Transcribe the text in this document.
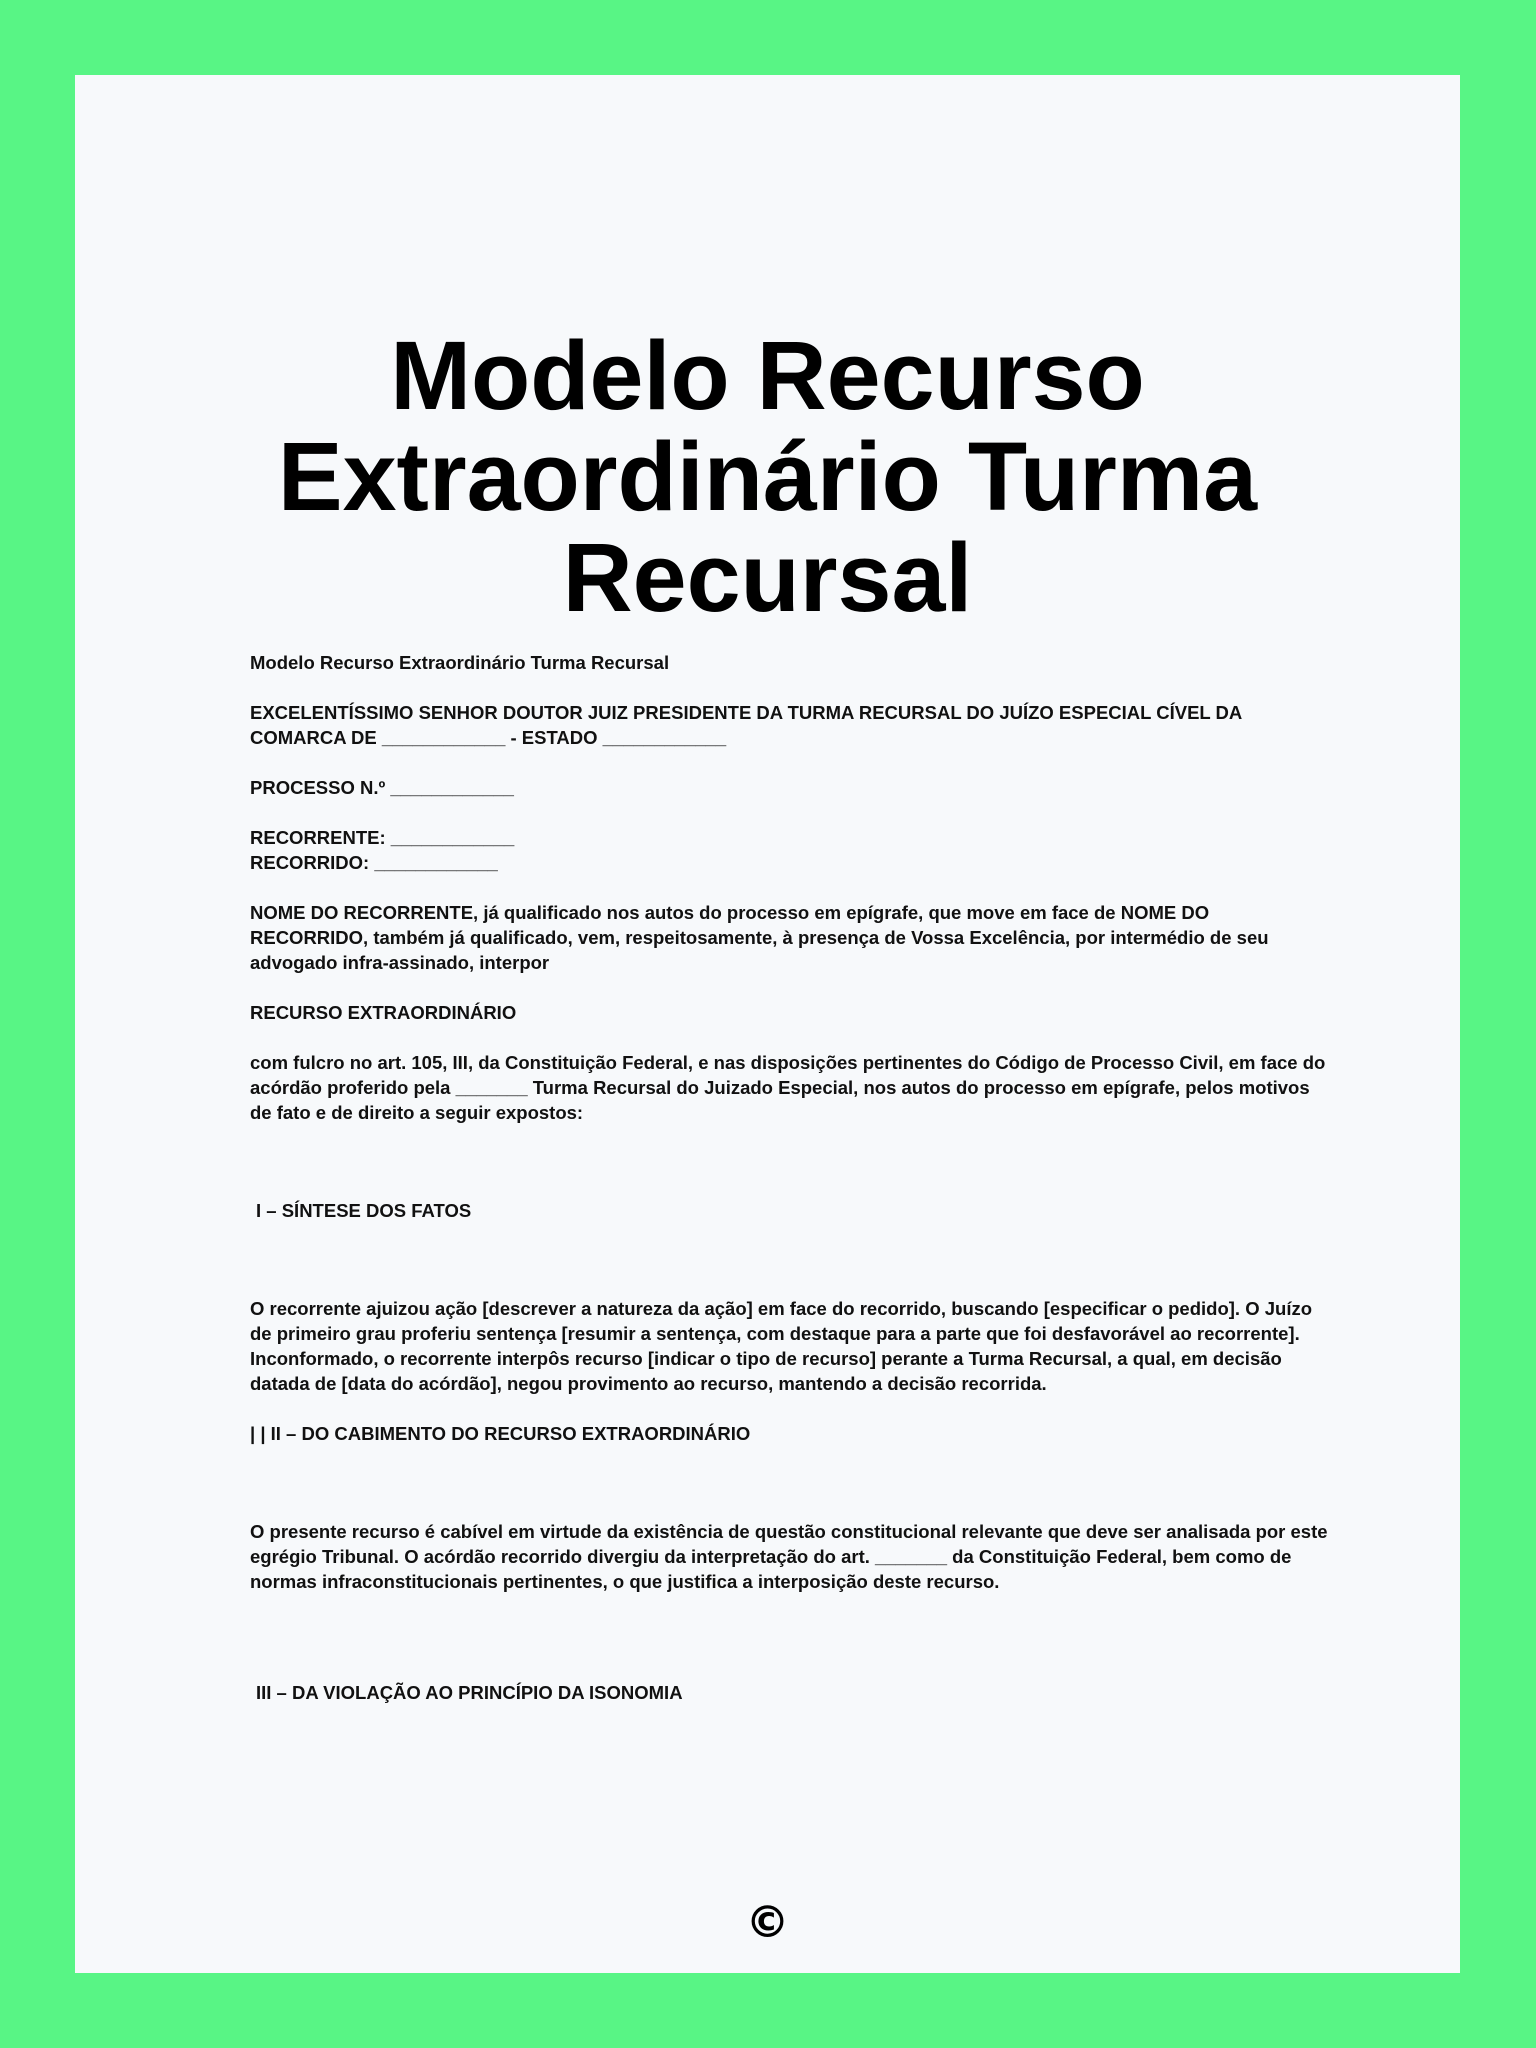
Modelo Recurso
Extraordinário Turma
Recursal

Modelo Recurso Extraordinário Turma Recursal

EXCELENTÍSSIMO SENHOR DOUTOR JUIZ PRESIDENTE DA TURMA RECURSAL DO JUÍZO ESPECIAL CÍVEL DA COMARCA DE ____________ - ESTADO ____________

PROCESSO N.º ____________

RECORRENTE: ____________

RECORRIDO: ____________

NOME DO RECORRENTE, já qualificado nos autos do processo em epígrafe, que move em face de NOME DO RECORRIDO, também já qualificado, vem, respeitosamente, à presença de Vossa Excelência, por intermédio de seu advogado infra-assinado, interpor

RECURSO EXTRAORDINÁRIO

com fulcro no art. 105, III, da Constituição Federal, e nas disposições pertinentes do Código de Processo Civil, em face do acórdão proferido pela _______ Turma Recursal do Juizado Especial, nos autos do processo em epígrafe, pelos motivos de fato e de direito a seguir expostos:

I – SÍNTESE DOS FATOS

O recorrente ajuizou ação [descrever a natureza da ação] em face do recorrido, buscando [especificar o pedido]. O Juízo de primeiro grau proferiu sentença [resumir a sentença, com destaque para a parte que foi desfavorável ao recorrente]. Inconformado, o recorrente interpôs recurso [indicar o tipo de recurso] perante a Turma Recursal, a qual, em decisão datada de [data do acórdão], negou provimento ao recurso, mantendo a decisão recorrida.

| | II – DO CABIMENTO DO RECURSO EXTRAORDINÁRIO

O presente recurso é cabível em virtude da existência de questão constitucional relevante que deve ser analisada por este egrégio Tribunal. O acórdão recorrido divergiu da interpretação do art. _______ da Constituição Federal, bem como de normas infraconstitucionais pertinentes, o que justifica a interposição deste recurso.

III – DA VIOLAÇÃO AO PRINCÍPIO DA ISONOMIA

©
